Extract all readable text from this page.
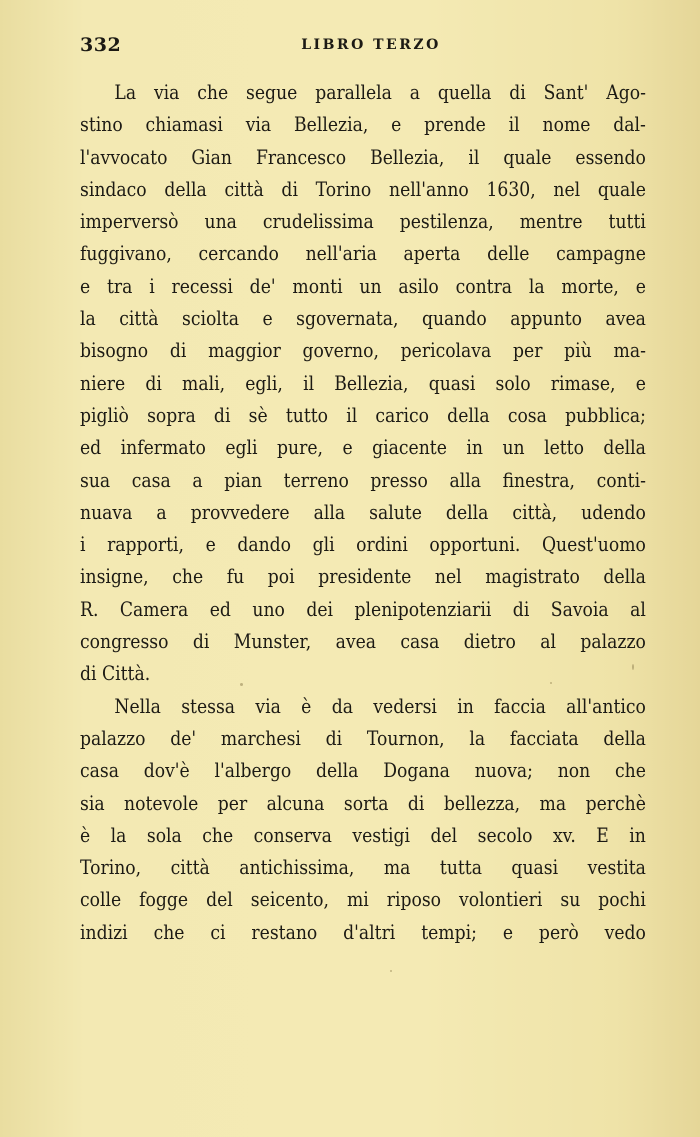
332	LIBRO TERZO
La via che segue parallela a quella di Sant' Ago-
stino chiamasi via Bellezia, e prende il nome dal-
l'avvocato Gian Francesco Bellezia, il quale essendo
sindaco della città di Torino nell'anno 1630, nel quale
imperversò una crudelissima pestilenza, mentre tutti
fuggivano, cercando nell'aria aperta delle campagne
e tra i recessi de' monti un asilo contra la morte, e
la città sciolta e sgovernata, quando appunto avea
bisogno di maggior governo, pericolava per più ma-
niere di mali, egli, il Bellezia, quasi solo rimase, e
pigliò sopra di sè tutto il carico della cosa pubblica;
ed infermato egli pure, e giacente in un letto della
sua casa a pian terreno presso alla finestra, conti-
nuava a provvedere alla salute della città, udendo
i rapporti, e dando gli ordini opportuni. Quest'uomo
insigne, che fu poi presidente nel magistrato della
R. Camera ed uno dei plenipotenziarii di Savoia al
congresso di Munster, avea casa dietro al palazzo
di Città.
Nella stessa via è da vedersi in faccia all'antico
palazzo de' marchesi di Tournon, la facciata della
casa dov'è l'albergo della Dogana nuova; non che
sia notevole per alcuna sorta di bellezza, ma perchè
è la sola che conserva vestigi del secolo xv. E in
Torino, città antichissima, ma tutta quasi vestita
colle fogge del seicento, mi riposo volontieri su pochi
indizi che ci restano d'altri tempi; e però vedo
